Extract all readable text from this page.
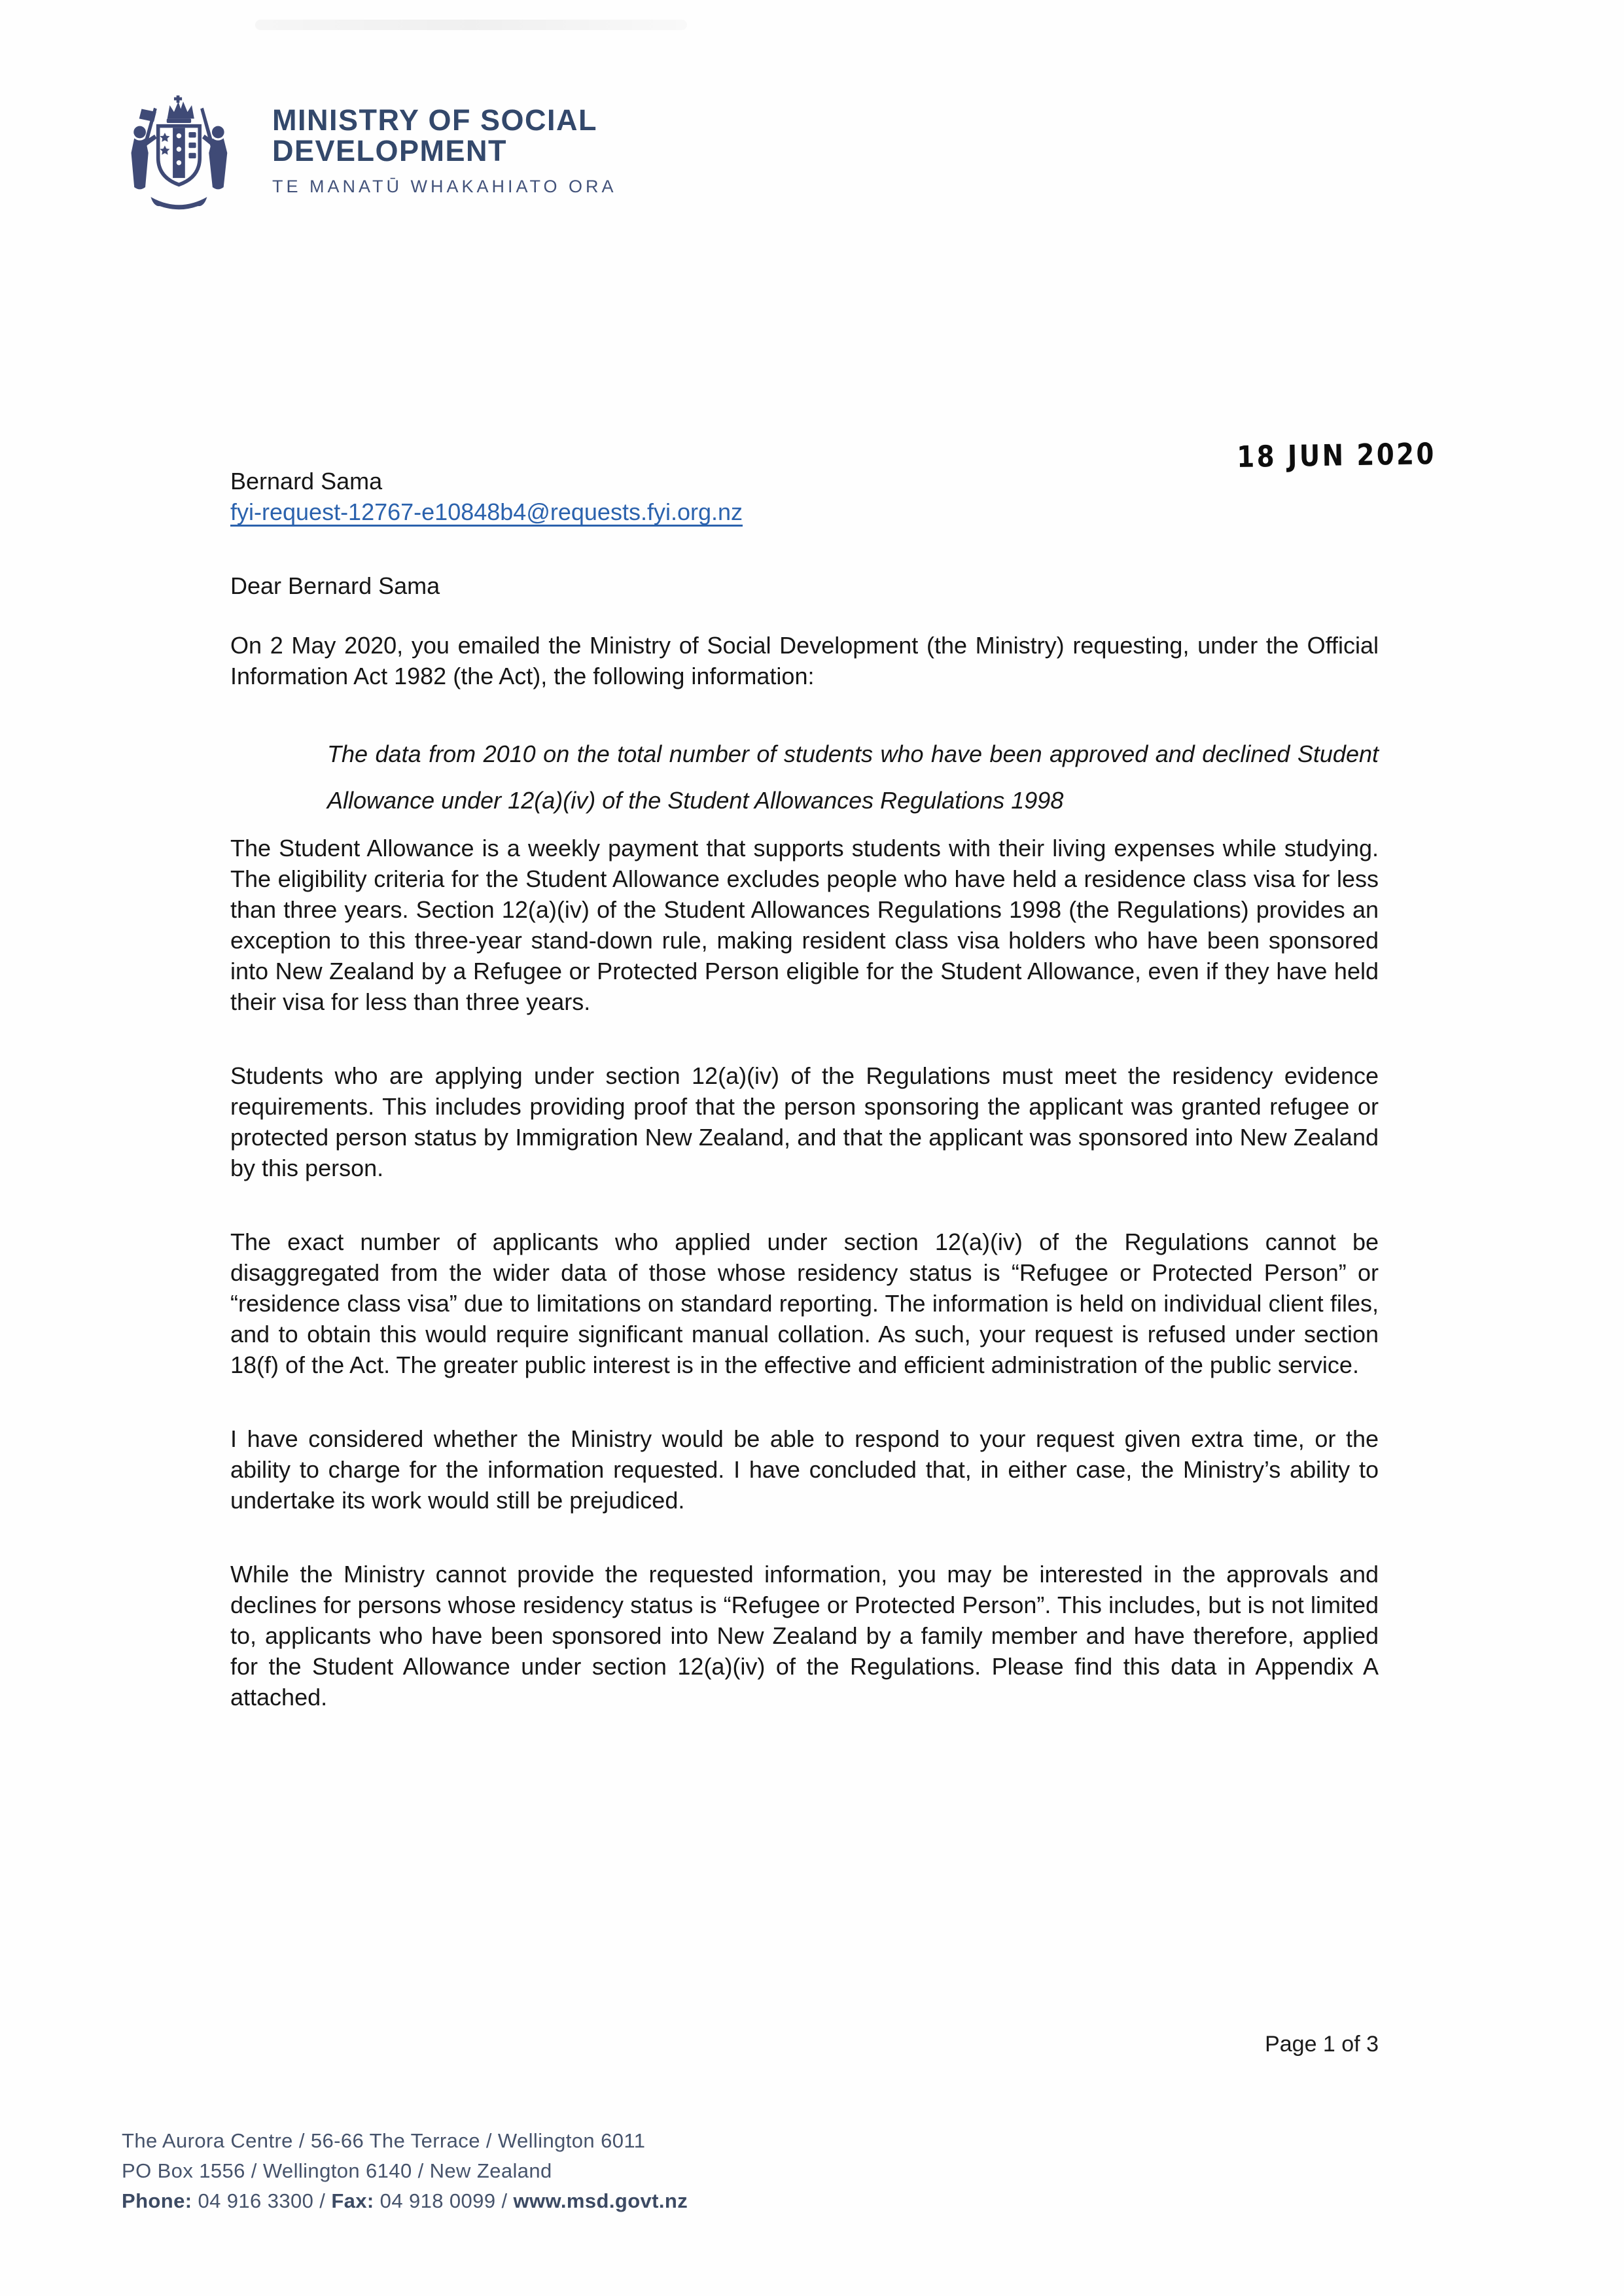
MINISTRY OF SOCIAL
DEVELOPMENT
TE MANATŪ WHAKAHIATO ORA
18 JUN 2020
Bernard Sama
fyi-request-12767-e10848b4@requests.fyi.org.nz
Dear Bernard Sama

On 2 May 2020, you emailed the Ministry of Social Development (the Ministry) requesting, under the Official Information Act 1982 (the Act), the following information:

The data from 2010 on the total number of students who have been approved and declined Student Allowance under 12(a)(iv) of the Student Allowances Regulations 1998

The Student Allowance is a weekly payment that supports students with their living expenses while studying. The eligibility criteria for the Student Allowance excludes people who have held a residence class visa for less than three years. Section 12(a)(iv) of the Student Allowances Regulations 1998 (the Regulations) provides an exception to this three-year stand-down rule, making resident class visa holders who have been sponsored into New Zealand by a Refugee or Protected Person eligible for the Student Allowance, even if they have held their visa for less than three years.

Students who are applying under section 12(a)(iv) of the Regulations must meet the residency evidence requirements. This includes providing proof that the person sponsoring the applicant was granted refugee or protected person status by Immigration New Zealand, and that the applicant was sponsored into New Zealand by this person.

The exact number of applicants who applied under section 12(a)(iv) of the Regulations cannot be disaggregated from the wider data of those whose residency status is “Refugee or Protected Person” or “residence class visa” due to limitations on standard reporting. The information is held on individual client files, and to obtain this would require significant manual collation. As such, your request is refused under section 18(f) of the Act. The greater public interest is in the effective and efficient administration of the public service.

I have considered whether the Ministry would be able to respond to your request given extra time, or the ability to charge for the information requested. I have concluded that, in either case, the Ministry’s ability to undertake its work would still be prejudiced.

While the Ministry cannot provide the requested information, you may be interested in the approvals and declines for persons whose residency status is “Refugee or Protected Person”. This includes, but is not limited to, applicants who have been sponsored into New Zealand by a family member and have therefore, applied for the Student Allowance under section 12(a)(iv) of the Regulations. Please find this data in Appendix A attached.

Page 1 of 3
The Aurora Centre / 56-66 The Terrace / Wellington 6011
PO Box 1556 / Wellington 6140 / New Zealand
Phone: 04 916 3300 / Fax: 04 918 0099 / www.msd.govt.nz
